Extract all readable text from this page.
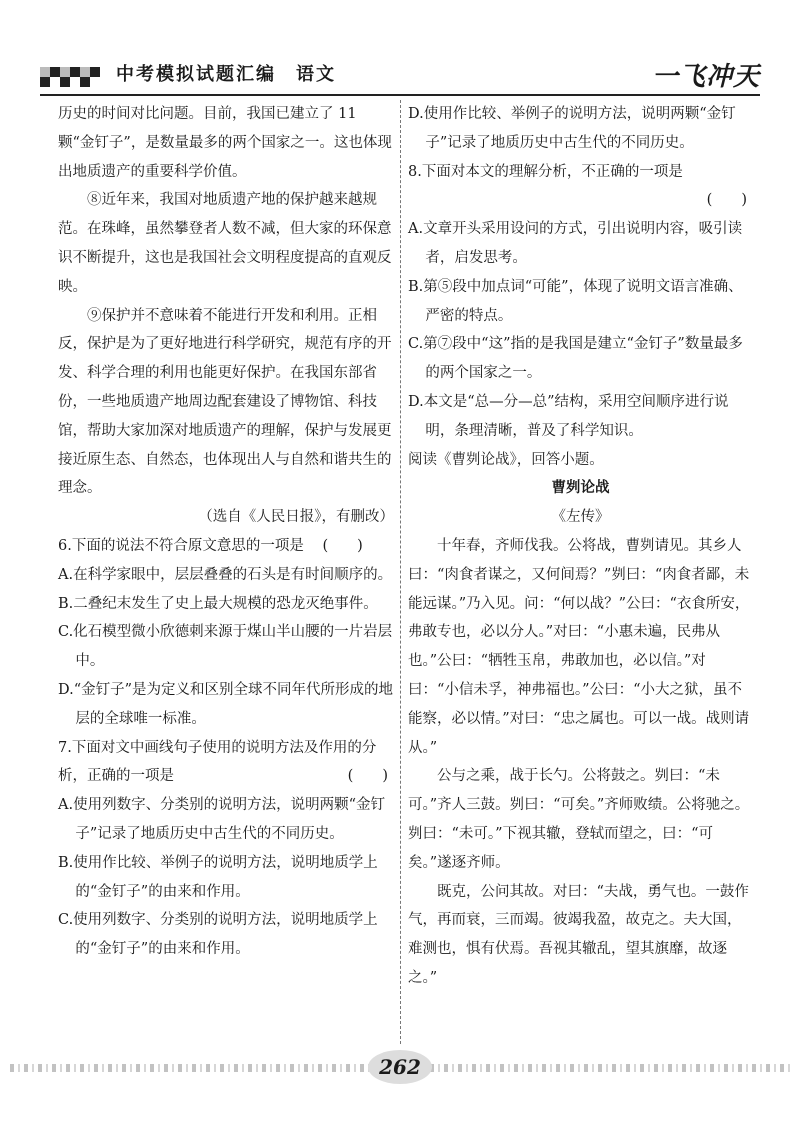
中考模拟试题汇编　语文	一飞冲天

历史的时间对比问题。目前，我国已建立了 11 颗“金钉子”，是数量最多的两个国家之一。这也体现出地质遗产的重要科学价值。

⑧近年来，我国对地质遗产地的保护越来越规范。在珠峰，虽然攀登者人数不减，但大家的环保意识不断提升，这也是我国社会文明程度提高的直观反映。

⑨保护并不意味着不能进行开发和利用。正相反，保护是为了更好地进行科学研究，规范有序的开发、科学合理的利用也能更好保护。在我国东部省份，一些地质遗产地周边配套建设了博物馆、科技馆，帮助大家加深对地质遗产的理解，保护与发展更接近原生态、自然态，也体现出人与自然和谐共生的理念。

（选自《人民日报》，有删改）

6.下面的说法不符合原文意思的一项是 (　　)

A.在科学家眼中，层层叠叠的石头是有时间顺序的。

B.二叠纪末发生了史上最大规模的恐龙灭绝事件。

C.化石模型微小欣德刺来源于煤山半山腰的一片岩层中。

D.“金钉子”是为定义和区别全球不同年代所形成的地层的全球唯一标准。

7.下面对文中画线句子使用的说明方法及作用的分析，正确的一项是	(　　)

A.使用列数字、分类别的说明方法，说明两颗“金钉子”记录了地质历史中古生代的不同历史。

B.使用作比较、举例子的说明方法，说明地质学上的“金钉子”的由来和作用。

C.使用列数字、分类别的说明方法，说明地质学上的“金钉子”的由来和作用。

D.使用作比较、举例子的说明方法，说明两颗“金钉子”记录了地质历史中古生代的不同历史。

8.下面对本文的理解分析，不正确的一项是

(　　)

A.文章开头采用设问的方式，引出说明内容，吸引读者，启发思考。

B.第⑤段中加点词“可能”，体现了说明文语言准确、严密的特点。

C.第⑦段中“这”指的是我国是建立“金钉子”数量最多的两个国家之一。

D.本文是“总—分—总”结构，采用空间顺序进行说明，条理清晰，普及了科学知识。

阅读《曹刿论战》，回答小题。

曹刿论战

《左传》

十年春，齐师伐我。公将战，曹刿请见。其乡人曰：“肉食者谋之，又何间焉？”刿曰：“肉食者鄙，未能远谋。”乃入见。问：“何以战？”公曰：“衣食所安，弗敢专也，必以分人。”对曰：“小惠未遍，民弗从也。”公曰：“牺牲玉帛，弗敢加也，必以信。”对曰：“小信未孚，神弗福也。”公曰：“小大之狱，虽不能察，必以情。”对曰：“忠之属也。可以一战。战则请从。”

公与之乘，战于长勺。公将鼓之。刿曰：“未可。”齐人三鼓。刿曰：“可矣。”齐师败绩。公将驰之。刿曰：“未可。”下视其辙，登轼而望之，曰：“可矣。”遂逐齐师。

既克，公问其故。对曰：“夫战，勇气也。一鼓作气，再而衰，三而竭。彼竭我盈，故克之。夫大国，难测也，惧有伏焉。吾视其辙乱，望其旗靡，故逐之。”

262
